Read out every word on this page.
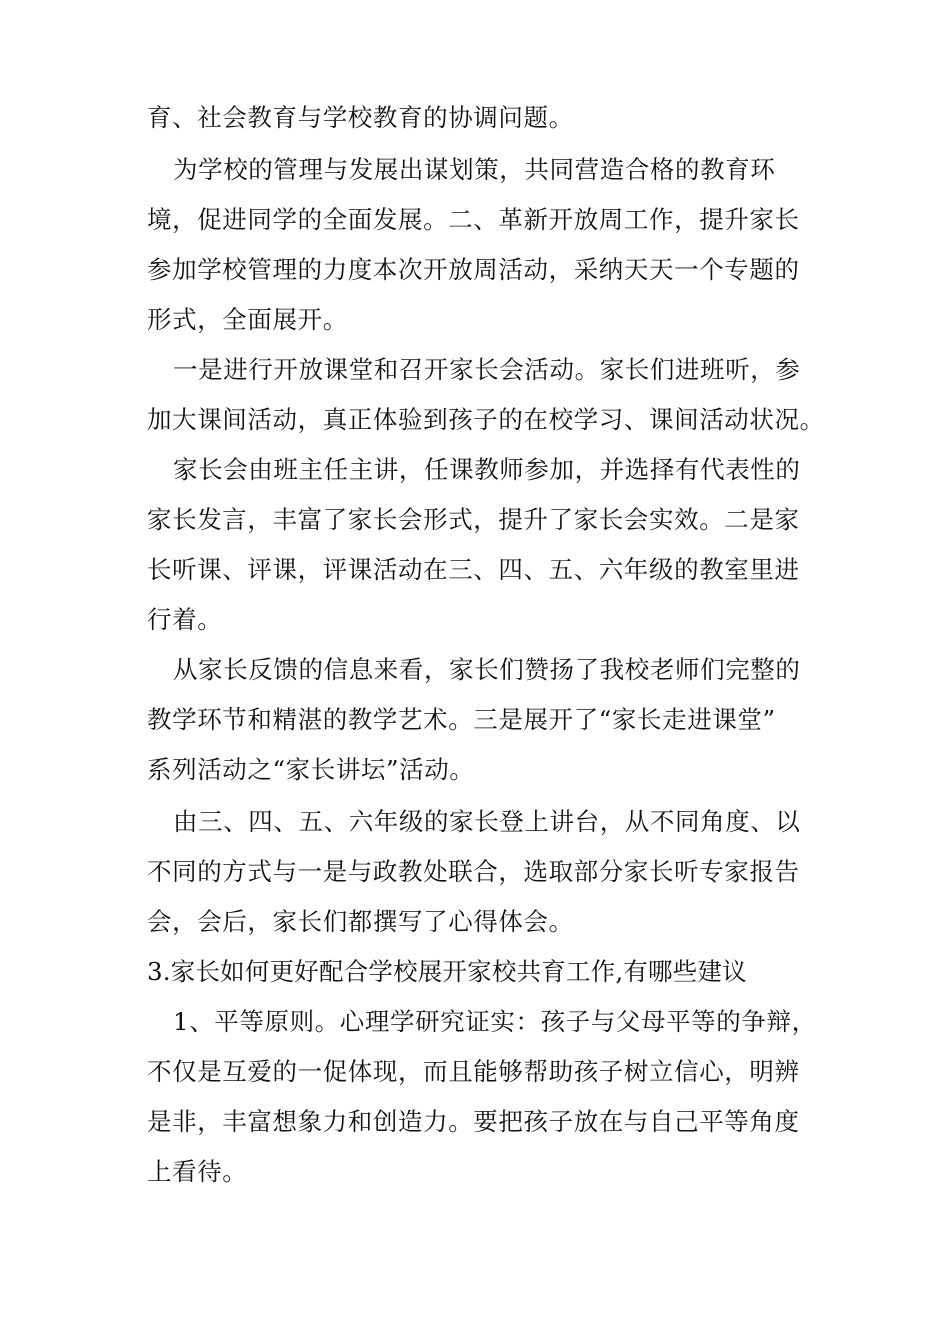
育、社会教育与学校教育的协调问题。
为学校的管理与发展出谋划策，共同营造合格的教育环
境，促进同学的全面发展。二、革新开放周工作，提升家长
参加学校管理的力度本次开放周活动，采纳天天一个专题的
形式，全面展开。
一是进行开放课堂和召开家长会活动。家长们进班听，参
加大课间活动，真正体验到孩子的在校学习、课间活动状况。
家长会由班主任主讲，任课教师参加，并选择有代表性的
家长发言，丰富了家长会形式，提升了家长会实效。二是家
长听课、评课，评课活动在三、四、五、六年级的教室里进
行着。
从家长反馈的信息来看，家长们赞扬了我校老师们完整的
教学环节和精湛的教学艺术。三是展开了“家长走进课堂”
系列活动之“家长讲坛”活动。
由三、四、五、六年级的家长登上讲台，从不同角度、以
不同的方式与一是与政教处联合，选取部分家长听专家报告
会，会后，家长们都撰写了心得体会。
3.家长如何更好配合学校展开家校共育工作,有哪些建议
1、平等原则。心理学研究证实：孩子与父母平等的争辩，
不仅是互爱的一促体现，而且能够帮助孩子树立信心，明辨
是非，丰富想象力和创造力。要把孩子放在与自己平等角度
上看待。
